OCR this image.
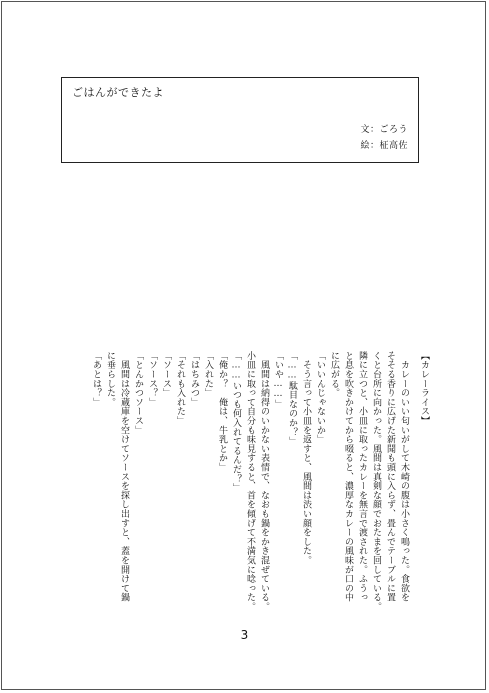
ごはんができたよ
文：ごろう
絵：柾高佐
【カレーライス】
　カレーのいい匂いがして木崎の腹は小さく鳴った。食欲を
そそる香りに広げた新聞も頭に入らず、畳んでテーブルに置
くと台所に向かった。風間は真剣な顔でおたまを回している。
隣に立つと、小皿に取ったカレーを無言で渡された。ふうっ
と息を吹きかけてから啜ると、濃厚なカレーの風味が口の中
に広がる。
「いいんじゃないか」
　そう言って小皿を返すと、風間は渋い顔をした。
「……駄目なのか？」
「いや……」
　風間は納得のいかない表情で、なおも鍋をかき混ぜている。
小皿に取って自分も味見すると、首を傾げて不満気に唸った。
「……いつも何入れてるんだ？」
「俺か？　俺は、牛乳とか」
「入れた」
「はちみつ」
「それも入れた」
「ソース」
「ソース？」
「とんかつソース」
　風間は冷蔵庫を空けてソースを探し出すと、蓋を開けて鍋
に垂らした。
「あとは？」
3
